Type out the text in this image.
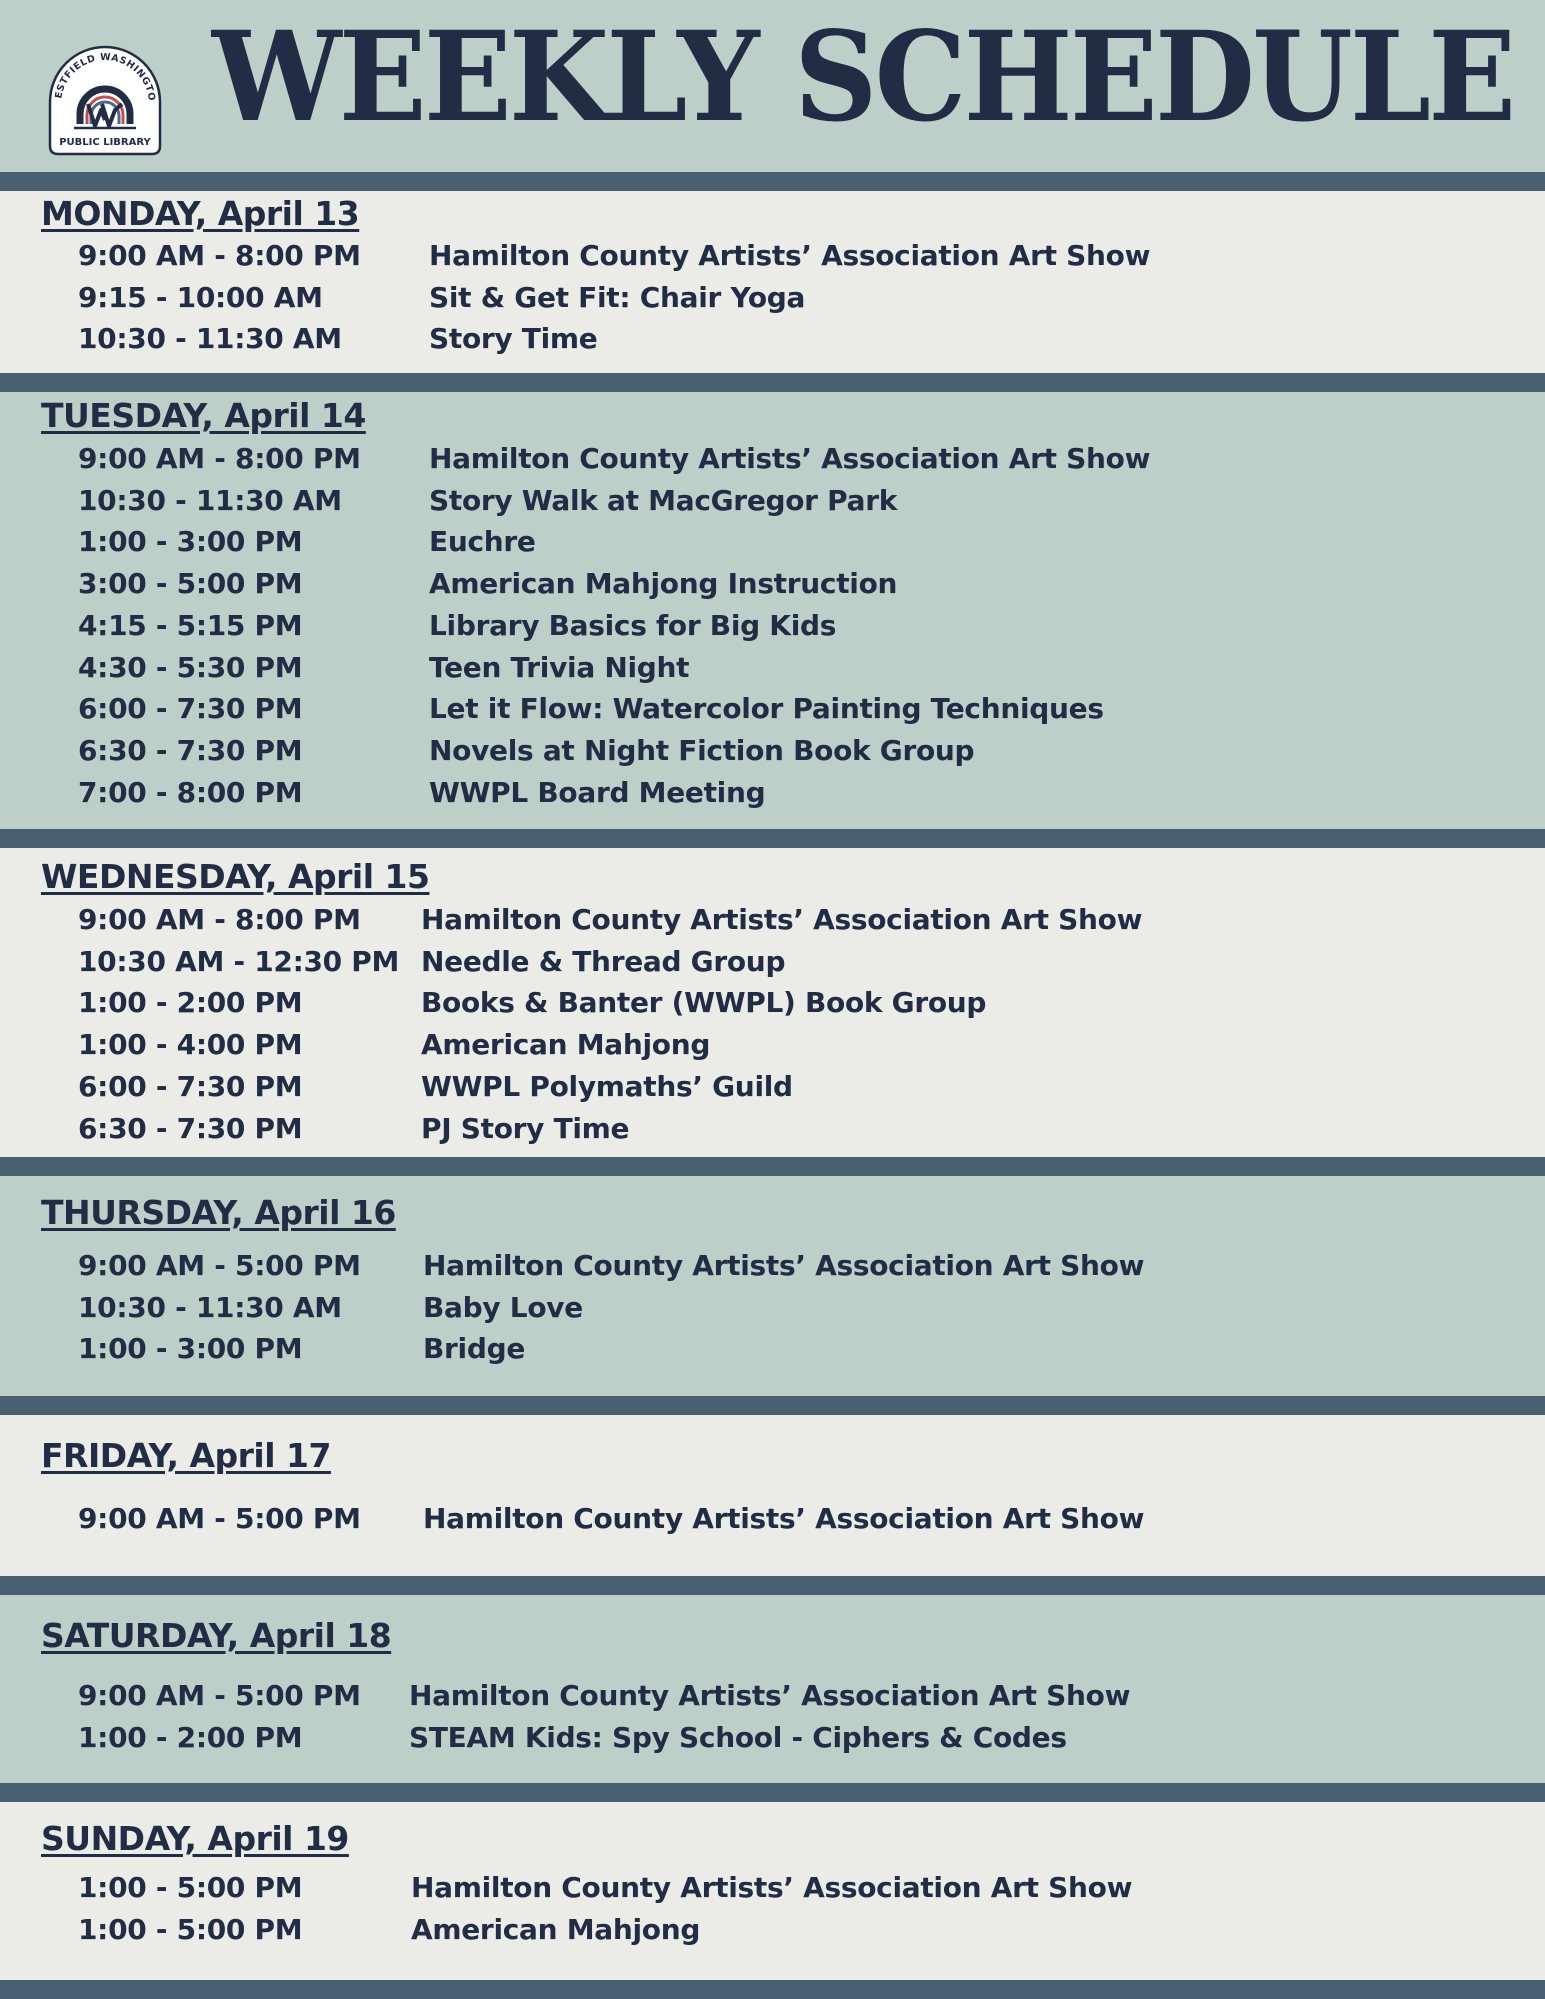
ESTFIELD WASHINGTO
PUBLIC LIBRARY WEEKLY SCHEDULE
MONDAY, April 13
9:00 AM - 8:00 PM Hamilton County Artists’ Association Art Show
9:15 - 10:00 AM	Sit & Get Fit: Chair Yoga
10:30 - 11:30 AM	Story Time
TUESDAY, April 14
9:00 AM - 8:00 PM Hamilton County Artists’ Association Art Show
10:30 - 11:30 AM	Story Walk at MacGregor Park
1:00 - 3:00 PM	Euchre
3:00 - 5:00 PM	American Mahjong Instruction
4:15 - 5:15 PM	Library Basics for Big Kids
4:30 - 5:30 PM	Teen Trivia Night
6:00 - 7:30 PM	Let it Flow: Watercolor Painting Techniques
6:30 - 7:30 PM	Novels at Night Fiction Book Group
7:00 - 8:00 PM	WWPL Board Meeting
WEDNESDAY, April 15
9:00 AM - 8:00 PM Hamilton County Artists’ Association Art Show
10:30 AM - 12:30 PM Needle & Thread Group
1:00 - 2:00 PM	Books & Banter (WWPL) Book Group
1:00 - 4:00 PM	American Mahjong
6:00 - 7:30 PM	WWPL Polymaths’ Guild
6:30 - 7:30 PM	PJ Story Time
THURSDAY, April 16
9:00 AM - 5:00 PM Hamilton County Artists’ Association Art Show
10:30 - 11:30 AM	Baby Love
1:00 - 3:00 PM	Bridge
FRIDAY, April 17
9:00 AM - 5:00 PM Hamilton County Artists’ Association Art Show
SATURDAY, April 18
9:00 AM - 5:00 PM Hamilton County Artists’ Association Art Show
1:00 - 2:00 PM	STEAM Kids: Spy School - Ciphers & Codes
SUNDAY, April 19
1:00 - 5:00 PM	Hamilton County Artists’ Association Art Show
1:00 - 5:00 PM	American Mahjong
